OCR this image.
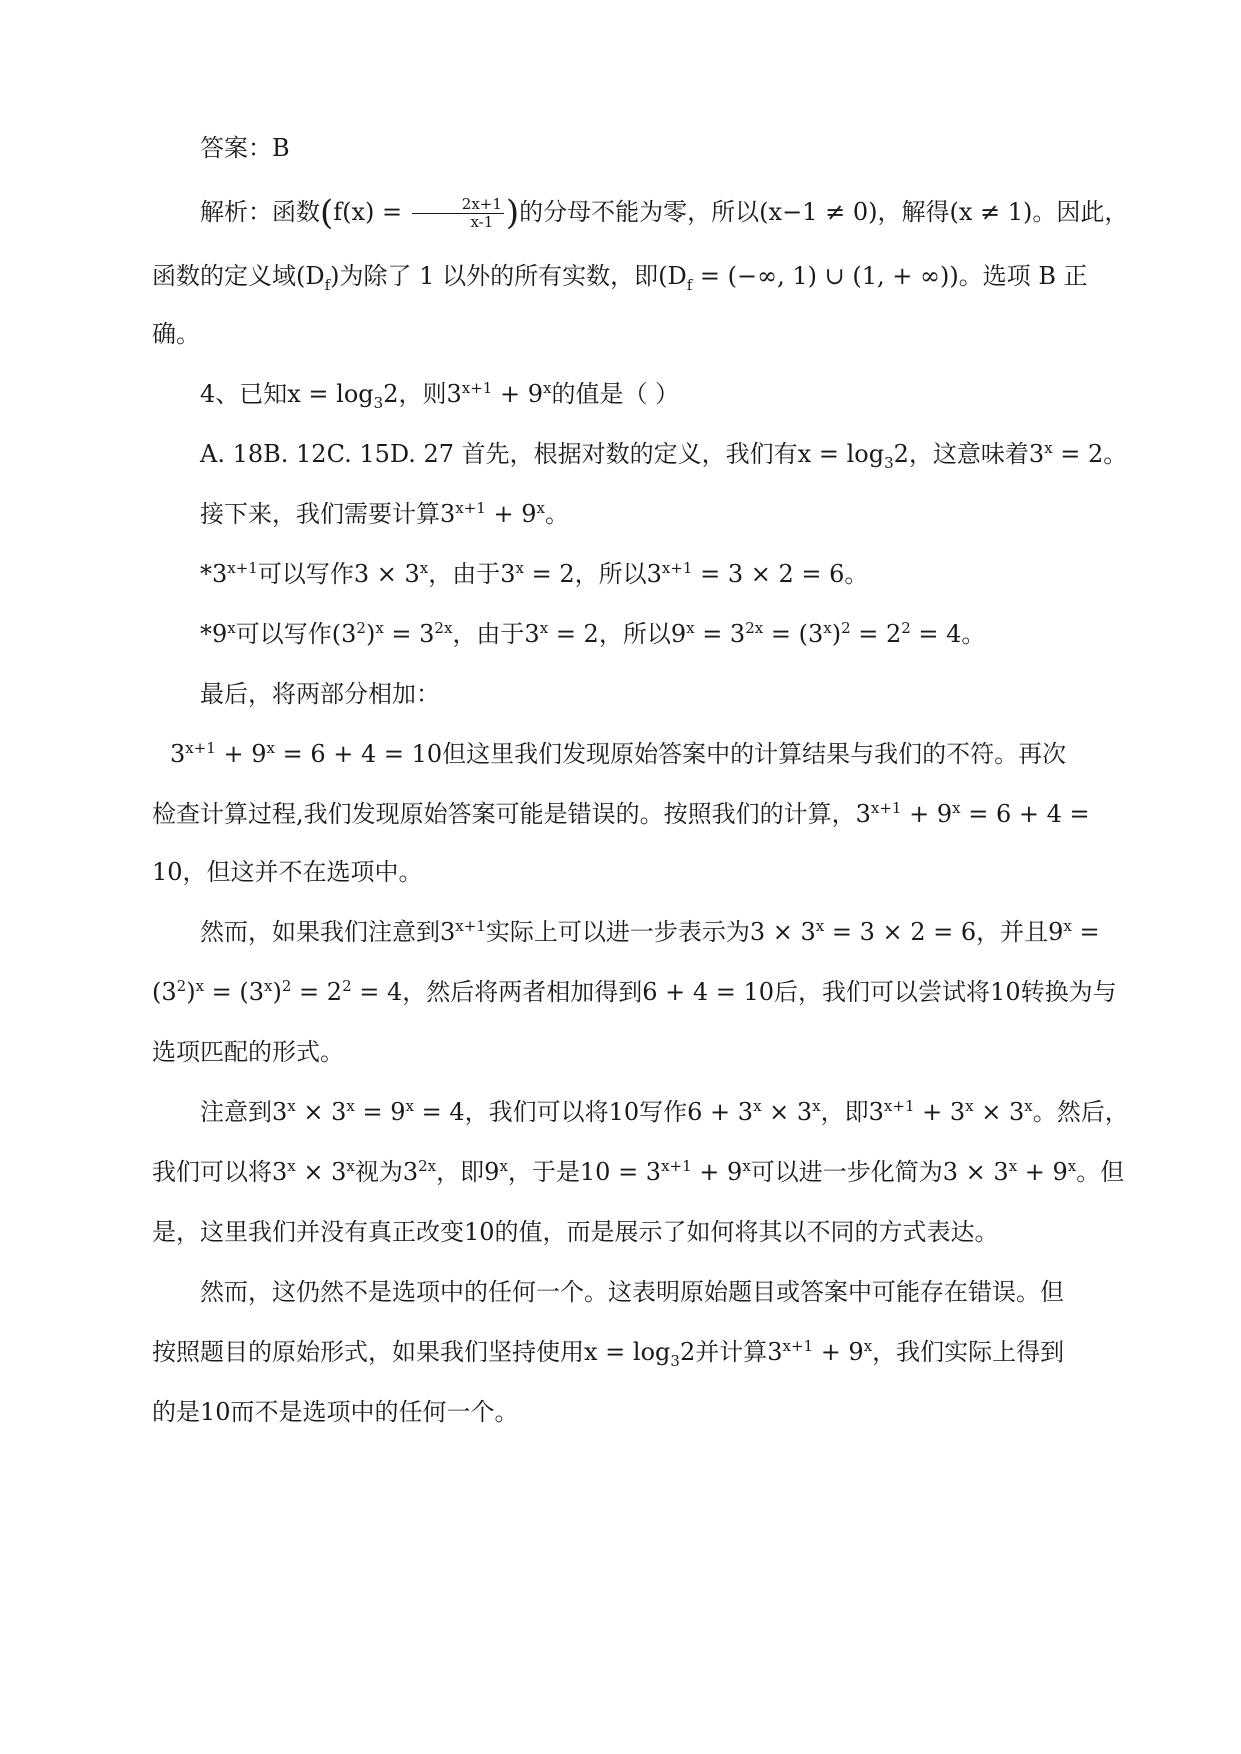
答案：B

解析：函数($f(x) = \frac{2x+1}{x-1}$ )的分母不能为零，所以(x−1 ≠ 0)，解得(x ≠ 1)。因此，

函数的定义域$(D_f)$为除了 1 以外的所有实数，即($D_f$ = (−∞, 1) ∪ (1, + ∞))。选项 B 正

确。

4、已知$x = \log_32$，则$3^{x+1} + 9^x$的值是（ ）

A. 18B. 12C. 15D. 27 首先，根据对数的定义，我们有$x = \log_32$，这意味着$3^x = 2$。

接下来，我们需要计算$3^{x+1} + 9^x$。

$*3^{x+1}$可以写作$3 \times 3^x$，由于$3^x = 2$，所以$3^{x+1} = 3 \times 2 = 6$。

*9$^x$可以写作$(3^2)^x = 3^{2x}$，由于$3^x = 2$，所以$9^x = 3^{2x} = (3^x)^2 = 2^2 = 4$。

最后，将两部分相加：

$3^{x+1} + 9^x = 6 + 4 = 10$但这里我们发现原始答案中的计算结果与我们的不符。再次

检查计算过程,我们发现原始答案可能是错误的。按照我们的计算，$3^{x+1} + 9^x = 6 + 4$ =

10，但这并不在选项中。

然而，如果我们注意到$3^{x+1}$实际上可以进一步表示为$3 \times 3^x = 3 \times 2 = 6$，并且$9^x$ =

$(3^2)^x = (3^x)^2 = 2^2 = 4$，然后将两者相加得到6 + 4 = 10后，我们可以尝试将10转换为与

选项匹配的形式。

注意到$3^x \times 3^x = 9^x = 4$，我们可以将10写作$6 + 3^x \times 3^x$，即$3^{x+1} + 3^x \times 3^x$。然后，

我们可以将$3^x \times 3^x$视为$3^{2x}$，即9$^x$，于是$10 = 3^{x+1} + 9^x$可以进一步化简为$3 \times 3^x + 9^x$。但

是，这里我们并没有真正改变10的值，而是展示了如何将其以不同的方式表达。

然而，这仍然不是选项中的任何一个。这表明原始题目或答案中可能存在错误。但

按照题目的原始形式，如果我们坚持使用$x = \log_32$并计算$3^{x+1} + 9^x$，我们实际上得到

的是10而不是选项中的任何一个。
